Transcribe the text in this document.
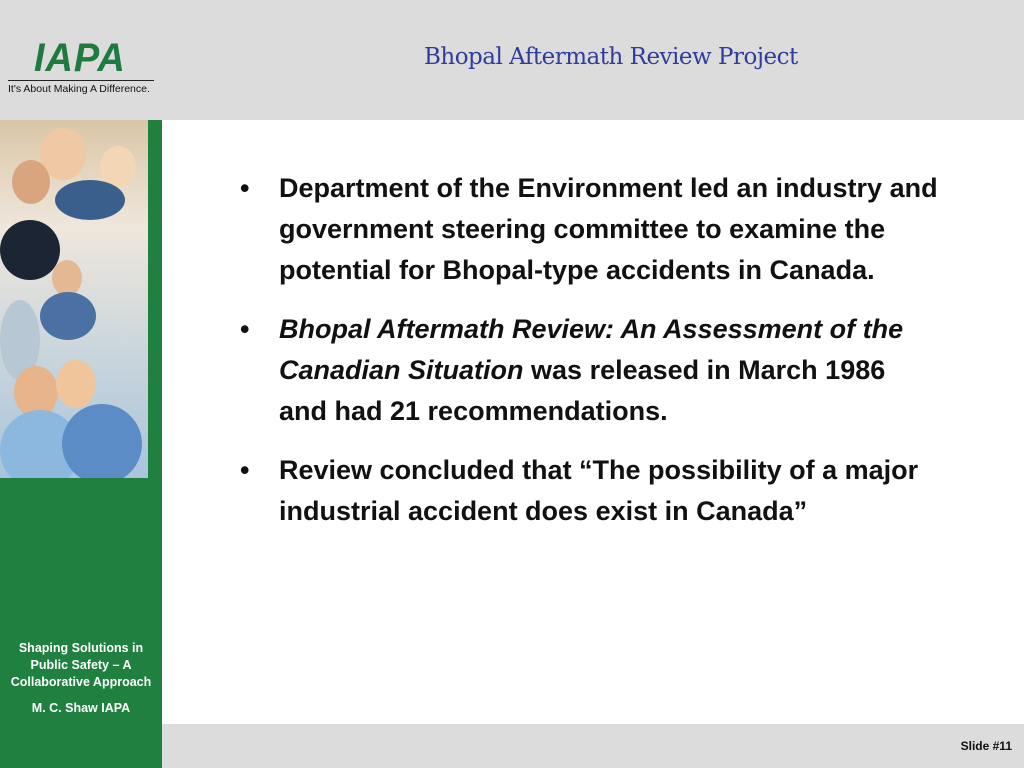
IAPA
It's About Making A Difference.
Bhopal Aftermath Review Project
Shaping Solutions in Public Safety – A Collaborative Approach
M. C. Shaw IAPA
• Department of the Environment led an industry and government steering committee to examine the potential for Bhopal-type accidents in Canada.
• Bhopal Aftermath Review: An Assessment of the Canadian Situation was released in March 1986 and had 21 recommendations.
• Review concluded that “The possibility of a major industrial accident does exist in Canada”
Slide #11
